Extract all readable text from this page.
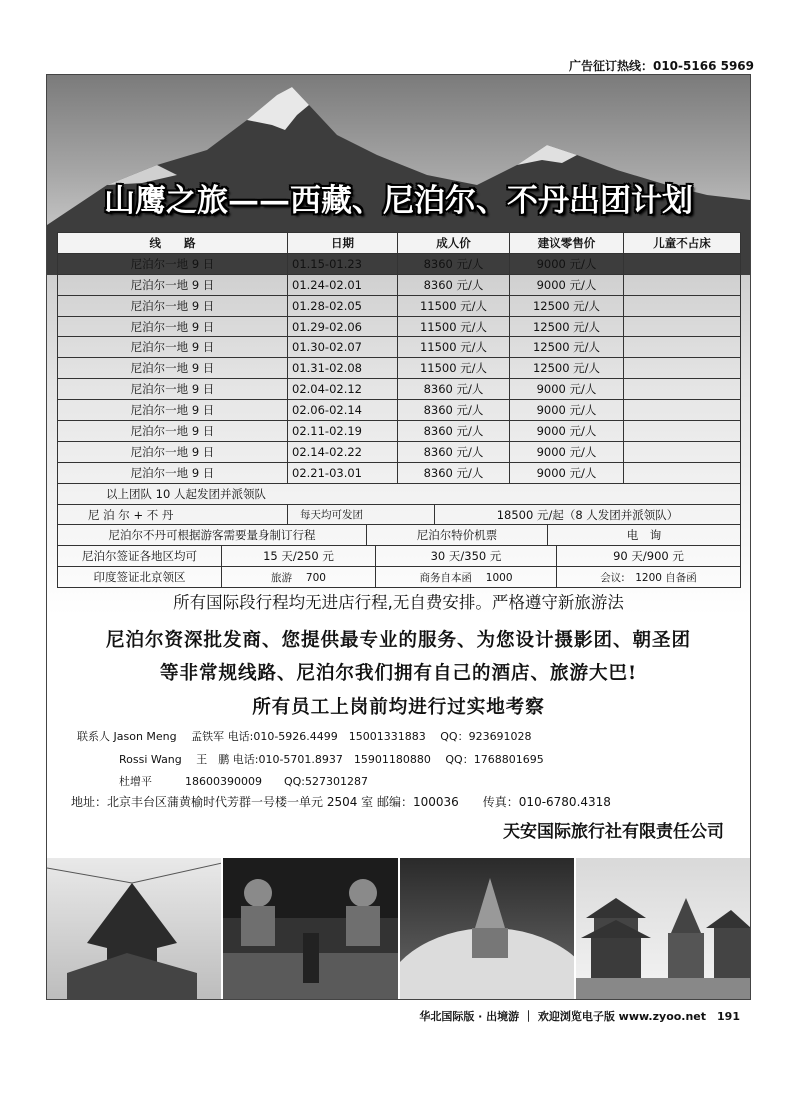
广告征订热线：010-5166 5969
山鹰之旅——西藏、尼泊尔、不丹出团计划
线　　路	日期	成人价	建议零售价	儿童不占床
尼泊尔一地 9 日	01.15-01.23	8360 元/人	9000 元/人	
尼泊尔一地 9 日	01.24-02.01	8360 元/人	9000 元/人	
尼泊尔一地 9 日	01.28-02.05	11500 元/人	12500 元/人	
尼泊尔一地 9 日	01.29-02.06	11500 元/人	12500 元/人	
尼泊尔一地 9 日	01.30-02.07	11500 元/人	12500 元/人	
尼泊尔一地 9 日	01.31-02.08	11500 元/人	12500 元/人	
尼泊尔一地 9 日	02.04-02.12	8360 元/人	9000 元/人	
尼泊尔一地 9 日	02.06-02.14	8360 元/人	9000 元/人	
尼泊尔一地 9 日	02.11-02.19	8360 元/人	9000 元/人	
尼泊尔一地 9 日	02.14-02.22	8360 元/人	9000 元/人	
尼泊尔一地 9 日	02.21-03.01	8360 元/人	9000 元/人	
以上团队 10 人起发团并派领队
尼 泊 尔 + 不 丹		每天均可发团	18500 元/起（8 人发团并派领队）

尼泊尔不丹可根据游客需要量身制订行程	尼泊尔特价机票	电　询

尼泊尔签证各地区均可	15 天/250 元	30 天/350 元	90 天/900 元

印度签证北京领区	旅游　 700	商务自本函　 1000	会议:　1200 自备函
所有国际段行程均无进店行程,无自费安排。严格遵守新旅游法
尼泊尔资深批发商、您提供最专业的服务、为您设计摄影团、朝圣团
等非常规线路、尼泊尔我们拥有自己的酒店、旅游大巴!
所有员工上岗前均进行过实地考察
联系人 Jason Meng　 孟铁军 电话:010-5926.4499　15001331883　 QQ：923691028
Rossi Wang　 王　鹏 电话:010-5701.8937　15901180880　 QQ：1768801695
杜增平　　　18600390009　　QQ:527301287
地址：北京丰台区蒲黄榆时代芳群一号楼一单元 2504 室 邮编：100036　　传真：010-6780.4318
天安国际旅行社有限责任公司
华北国际版 · 出境游 ｜ 欢迎浏览电子版 www.zyoo.net　191
